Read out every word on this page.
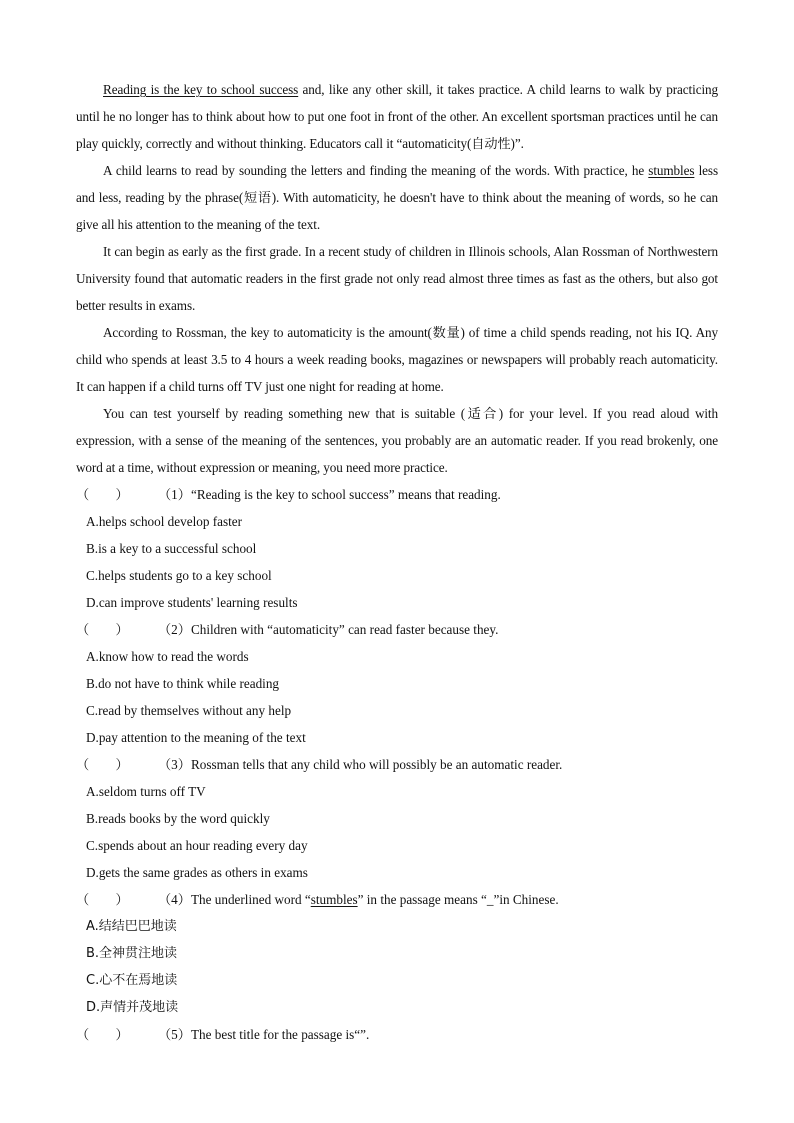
Reading is the key to school success and, like any other skill, it takes practice. A child learns to walk by practicing until he no longer has to think about how to put one foot in front of the other. An excellent sportsman practices until he can play quickly, correctly and without thinking. Educators call it “automaticity(自动性)”.

A child learns to read by sounding the letters and finding the meaning of the words. With practice, he stumbles less and less, reading by the phrase(短语). With automaticity, he doesn't have to think about the meaning of words, so he can give all his attention to the meaning of the text.

It can begin as early as the first grade. In a recent study of children in Illinois schools, Alan Rossman of Northwestern University found that automatic readers in the first grade not only read almost three times as fast as the others, but also got better results in exams.

According to Rossman, the key to automaticity is the amount(数量) of time a child spends reading, not his IQ. Any child who spends at least 3.5 to 4 hours a week reading books, magazines or newspapers will probably reach automaticity. It can happen if a child turns off TV just one night for reading at home.

You can test yourself by reading something new that is suitable (适合) for your level. If you read aloud with expression, with a sense of the meaning of the sentences, you probably are an automatic reader. If you read brokenly, one word at a time, without expression or meaning, you need more practice.

（　　） （1）“Reading is the key to school success” means that reading.

A.helps school develop faster

B.is a key to a successful school

C.helps students go to a key school

D.can improve students' learning results

（　　） （2）Children with “automaticity” can read faster because they.

A.know how to read the words

B.do not have to think while reading

C.read by themselves without any help

D.pay attention to the meaning of the text

（　　） （3）Rossman tells that any child who will possibly be an automatic reader.

A.seldom turns off TV

B.reads books by the word quickly

C.spends about an hour reading every day

D.gets the same grades as others in exams

（　　） （4）The underlined word “stumbles” in the passage means “_”in Chinese.

A.结结巴巴地读

B.全神贯注地读

C.心不在焉地读

D.声情并茂地读

（　　） （5）The best title for the passage is“”.
